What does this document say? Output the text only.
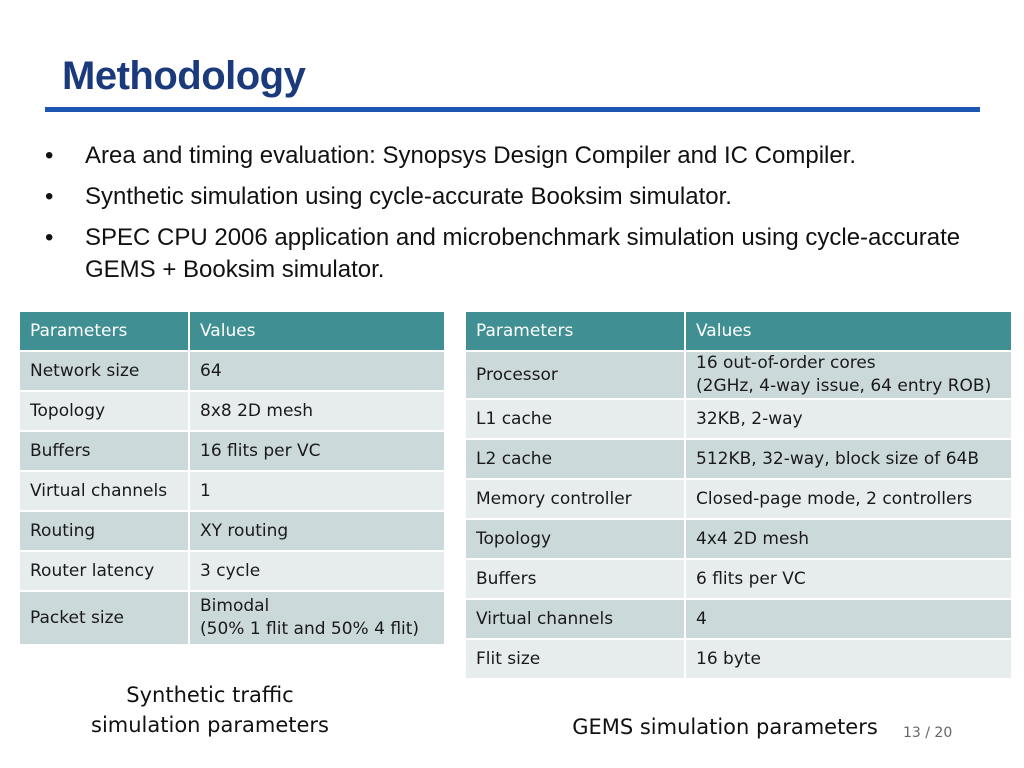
Methodology
•	Area and timing evaluation: Synopsys Design Compiler and IC Compiler.
•	Synthetic simulation using cycle-accurate Booksim simulator.
•	SPEC CPU 2006 application and microbenchmark simulation using cycle-accurate GEMS + Booksim simulator.
Parameters	Values
Network size	64
Topology	8x8 2D mesh
Buffers	16 flits per VC
Virtual channels	1
Routing	XY routing
Router latency	3 cycle
Packet size	Bimodal
(50% 1 flit and 50% 4 flit)
Parameters	Values
Processor	16 out-of-order cores
(2GHz, 4-way issue, 64 entry ROB)

L1 cache	32KB, 2-way
L2 cache	512KB, 32-way, block size of 64B
Memory controller	Closed-page mode, 2 controllers
Topology	4x4 2D mesh
Buffers	6 flits per VC
Virtual channels	4
Flit size	16 byte
Synthetic traffic
simulation parameters	GEMS simulation parameters	13 / 20
